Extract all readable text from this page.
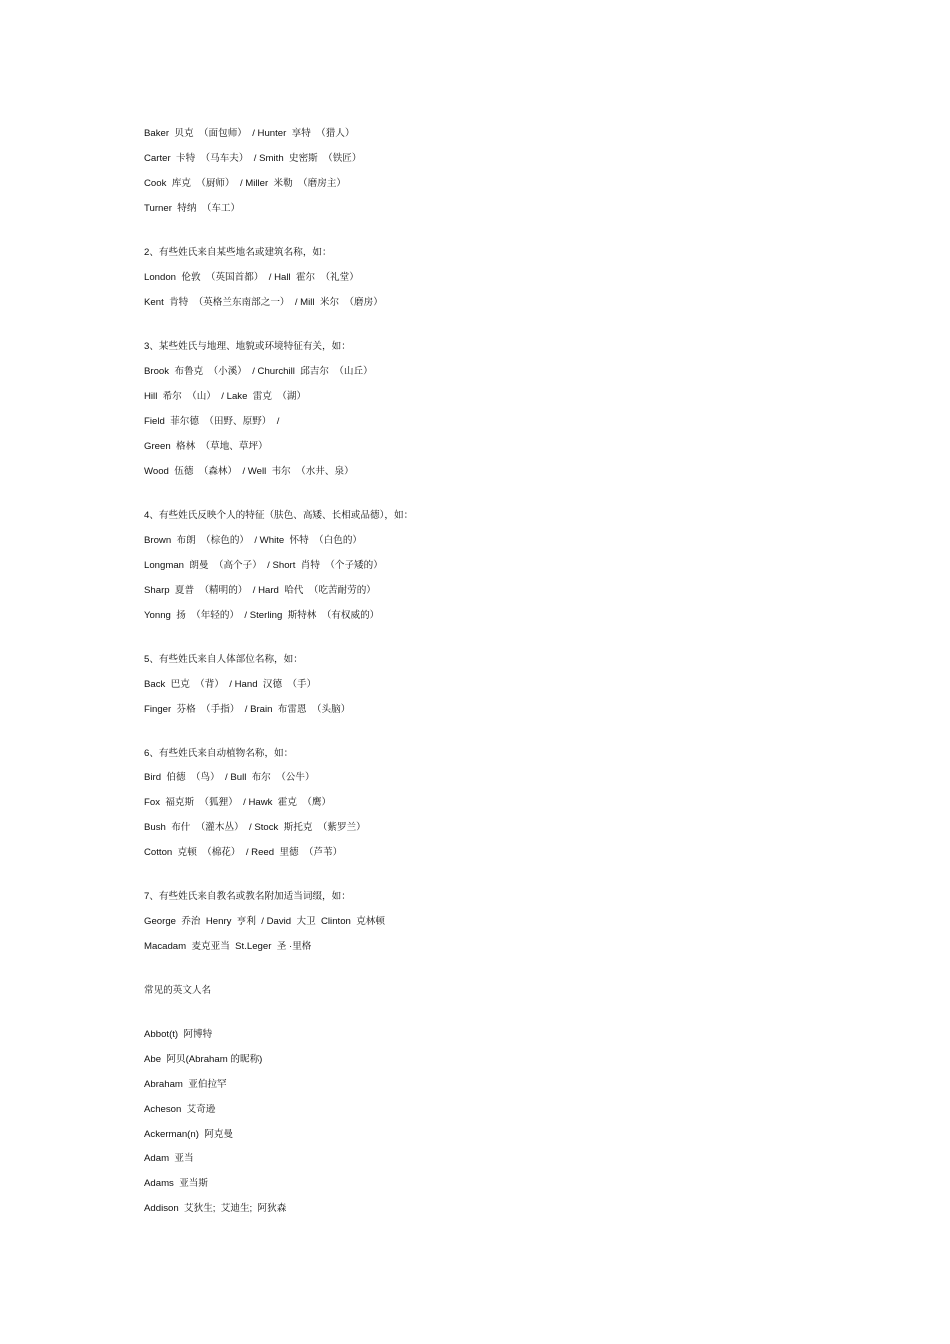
Baker  贝克  （面包师）  / Hunter  享特  （猎人）
Carter  卡特  （马车夫）  / Smith  史密斯  （铁匠）
Cook  库克  （厨师）  / Miller  米勒  （磨房主）
Turner  特纳  （车工）
2、有些姓氏来自某些地名或建筑名称，如：
London  伦敦  （英国首都）  / Hall  霍尔  （礼堂）
Kent  肯特  （英格兰东南部之一）  / Mill  米尔  （磨房）
3、某些姓氏与地理、地貌或环境特征有关，如：
Brook  布鲁克  （小溪）  / Churchill  邱吉尔  （山丘）
Hill  希尔  （山）  / Lake  雷克  （湖）
Field  菲尔德  （田野、原野）  /
Green  格林  （草地、草坪）
Wood  伍德  （森林）  / Well  韦尔  （水井、泉）
4、有些姓氏反映个人的特征（肤色、高矮、长相或品德），如：
Brown  布朗  （棕色的）  / White  怀特  （白色的）
Longman  朗曼  （高个子）  / Short  肖特  （个子矮的）
Sharp  夏普  （精明的）  / Hard  哈代  （吃苦耐劳的）
Yonng  扬  （年轻的）  / Sterling  斯特林  （有权威的）
5、有些姓氏来自人体部位名称，如：
Back  巴克  （背）  / Hand  汉德  （手）
Finger  芬格  （手指）  / Brain  布雷恩  （头脑）
6、有些姓氏来自动植物名称，如：
Bird  伯德  （鸟）  / Bull  布尔  （公牛）
Fox  福克斯  （狐狸）  / Hawk  霍克  （鹰）
Bush  布什  （灌木丛）  / Stock  斯托克  （紫罗兰）
Cotton  克顿  （棉花）  / Reed  里德  （芦苇）
7、有些姓氏来自教名或教名附加适当词缀，如：
George  乔治  Henry  亨利  / David  大卫  Clinton  克林顿
Macadam  麦克亚当  St.Leger  圣 ·里格
常见的英文人名
Abbot(t)  阿博特
Abe  阿贝(Abraham 的昵称)
Abraham  亚伯拉罕
Acheson  艾奇逊
Ackerman(n)  阿克曼
Adam  亚当
Adams  亚当斯
Addison  艾狄生;  艾迪生;  阿狄森
